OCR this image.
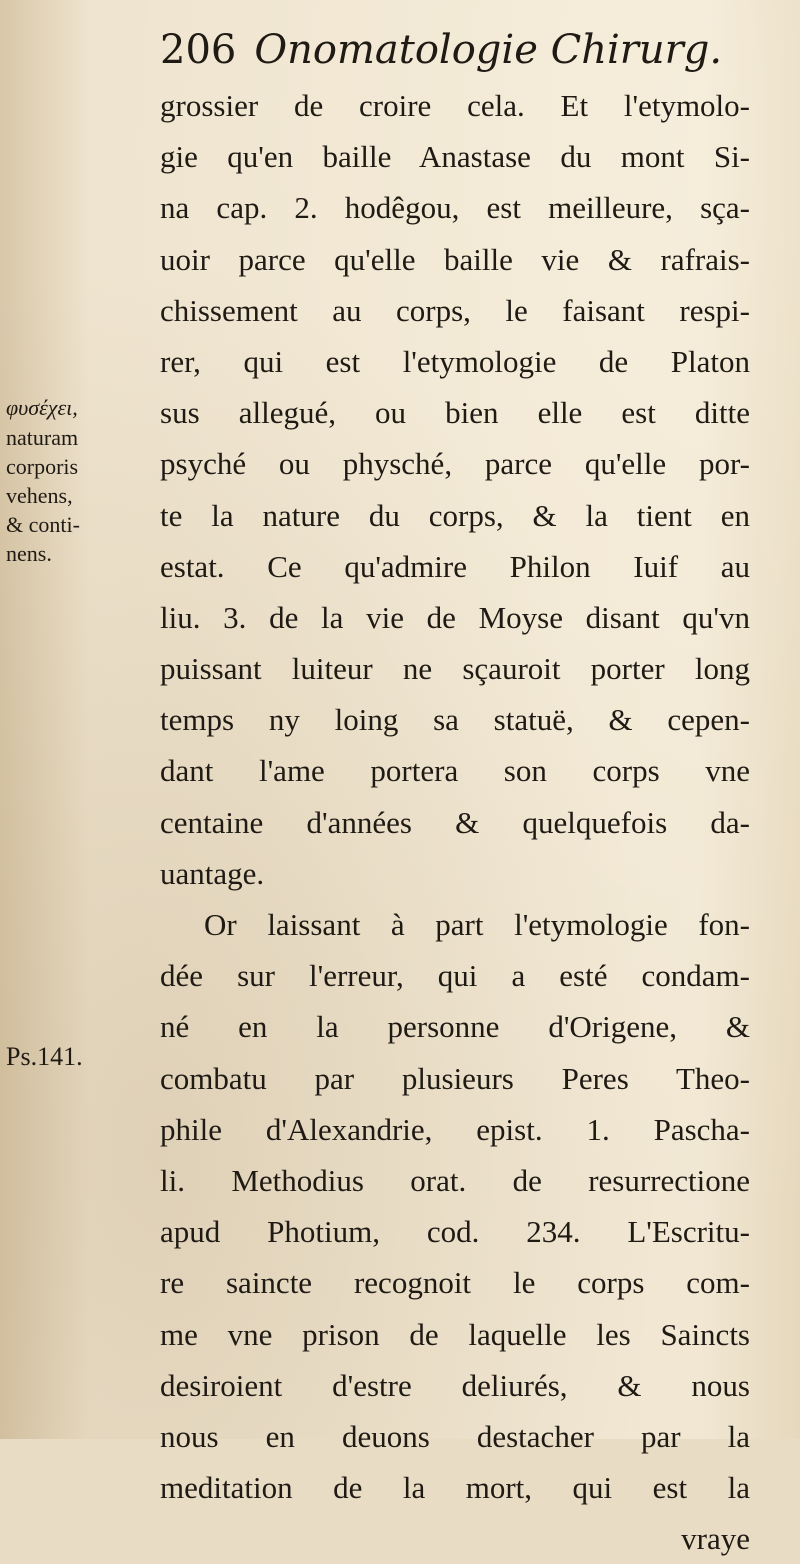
206 Onomatologie Chirurg.
grossier de croire cela. Et l'etymolo-
gie qu'en baille Anastase du mont Si-
na cap. 2. hodêgou, est meilleure, sça-
uoir parce qu'elle baille vie & rafrais-
chissement au corps, le faisant respi-
rer, qui est l'etymologie de Platon
sus allegué, ou bien elle est ditte
psyché ou physché, parce qu'elle por-
te la nature du corps, & la tient en
estat. Ce qu'admire Philon Iuif au
liu. 3. de la vie de Moyse disant qu'vn
puissant luiteur ne sçauroit porter long
temps ny loing sa statuë, & cepen-
dant l'ame portera son corps vne
centaine d'années & quelquefois da-
uantage.
Or laissant à part l'etymologie fon-
dée sur l'erreur, qui a esté condam-
né en la personne d'Origene, &
combatu par plusieurs Peres Theo-
phile d'Alexandrie, epist. 1. Pascha-
li. Methodius orat. de resurrectione
apud Photium, cod. 234. L'Escritu-
re saincte recognoit le corps com-
me vne prison de laquelle les Saincts
desiroient d'estre deliurés, & nous
nous en deuons destacher par la
meditation de la mort, qui est la
vraye
φυσέχει,
naturam
corporis
vehens,
& conti-
nens.
Ps.141.
